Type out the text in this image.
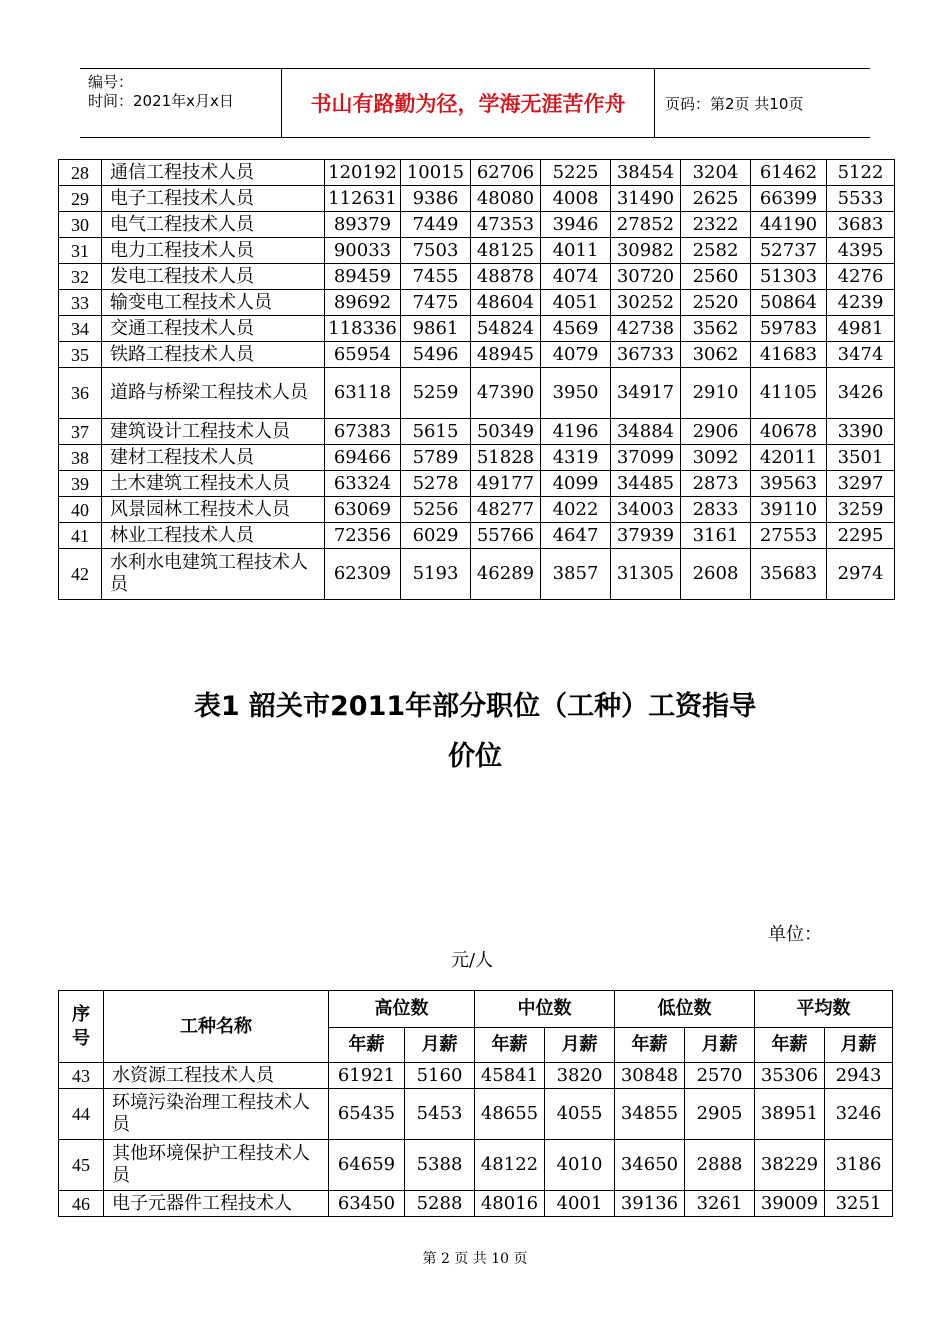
编号：
时间：2021年x月x日	书山有路勤为径，学海无涯苦作舟	页码：第2页 共10页
28	通信工程技术人员	120192	10015	62706	5225	38454	3204	61462	5122
29	电子工程技术人员	112631	9386	48080	4008	31490	2625	66399	5533
30	电气工程技术人员	89379	7449	47353	3946	27852	2322	44190	3683
31	电力工程技术人员	90033	7503	48125	4011	30982	2582	52737	4395
32	发电工程技术人员	89459	7455	48878	4074	30720	2560	51303	4276
33	输变电工程技术人员	89692	7475	48604	4051	30252	2520	50864	4239
34	交通工程技术人员	118336	9861	54824	4569	42738	3562	59783	4981
35	铁路工程技术人员	65954	5496	48945	4079	36733	3062	41683	3474
36	道路与桥梁工程技术人员	63118	5259	47390	3950	34917	2910	41105	3426
37	建筑设计工程技术人员	67383	5615	50349	4196	34884	2906	40678	3390
38	建材工程技术人员	69466	5789	51828	4319	37099	3092	42011	3501
39	土木建筑工程技术人员	63324	5278	49177	4099	34485	2873	39563	3297
40	风景园林工程技术人员	63069	5256	48277	4022	34003	2833	39110	3259
41	林业工程技术人员	72356	6029	55766	4647	37939	3161	27553	2295
42	水利水电建筑工程技术人员	62309	5193	46289	3857	31305	2608	35683	2974
表1 韶关市2011年部分职位（工种）工资指导
价位
单位：
元/人
序号	工种名称	高位数		中位数		低位数		平均数	
		年薪	月薪	年薪	月薪	年薪	月薪	年薪	月薪
43	水资源工程技术人员	61921	5160	45841	3820	30848	2570	35306	2943
44	环境污染治理工程技术人员	65435	5453	48655	4055	34855	2905	38951	3246
45	其他环境保护工程技术人员	64659	5388	48122	4010	34650	2888	38229	3186
46	电子元器件工程技术人	63450	5288	48016	4001	39136	3261	39009	3251
第 2 页 共 10 页
